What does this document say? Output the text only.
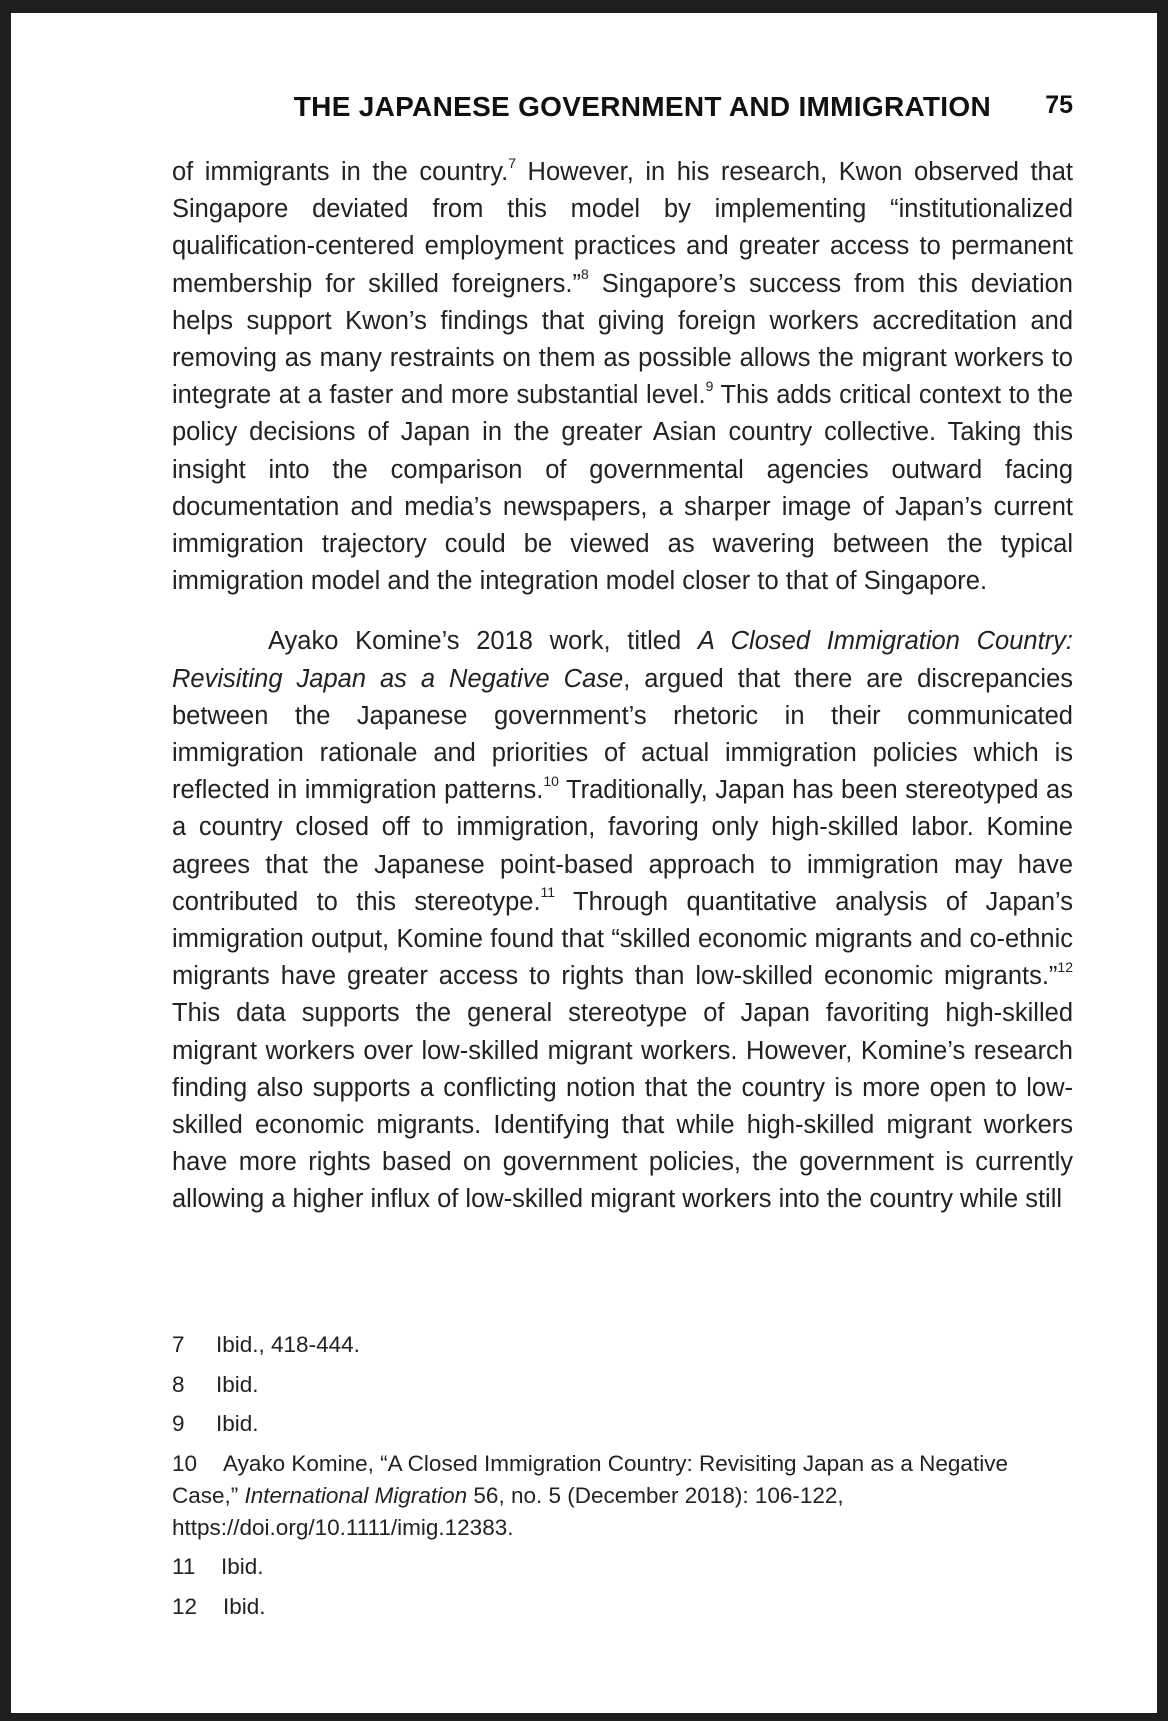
THE JAPANESE GOVERNMENT AND IMMIGRATION 75

of immigrants in the country.$^7$ However, in his research, Kwon observed that Singapore deviated from this model by implementing “institutionalized qualification-centered employment practices and greater access to permanent membership for skilled foreigners.”$^8$ Singapore’s success from this deviation helps support Kwon’s findings that giving foreign workers accreditation and removing as many restraints on them as possible allows the migrant workers to integrate at a faster and more substantial level.$^9$ This adds critical context to the policy decisions of Japan in the greater Asian country collective. Taking this insight into the comparison of governmental agencies outward facing documentation and media’s newspapers, a sharper image of Japan’s current immigration trajectory could be viewed as wavering between the typical immigration model and the integration model closer to that of Singapore.

Ayako Komine’s 2018 work, titled A Closed Immigration Country: Revisiting Japan as a Negative Case, argued that there are discrepancies between the Japanese government’s rhetoric in their communicated immigration rationale and priorities of actual immigration policies which is reflected in immigration patterns.$^{10}$ Traditionally, Japan has been stereotyped as a country closed off to immigration, favoring only high-skilled labor. Komine agrees that the Japanese point-based approach to immigration may have contributed to this stereotype.$^{11}$ Through quantitative analysis of Japan’s immigration output, Komine found that “skilled economic migrants and co-ethnic migrants have greater access to rights than low-skilled economic migrants.”$^{12}$ This data supports the general stereotype of Japan favoriting high-skilled migrant workers over low-skilled migrant workers. However, Komine’s research finding also supports a conflicting notion that the country is more open to low-skilled economic migrants. Identifying that while high-skilled migrant workers have more rights based on government policies, the government is currently allowing a higher influx of low-skilled migrant workers into the country while still

7 Ibid., 418-444.

8 Ibid.

9 Ibid.

10 Ayako Komine, “A Closed Immigration Country: Revisiting Japan as a Negative Case,” International Migration 56, no. 5 (December 2018): 106-122, https://doi.org/10.1111/imig.12383.

11 Ibid.

12 Ibid.
